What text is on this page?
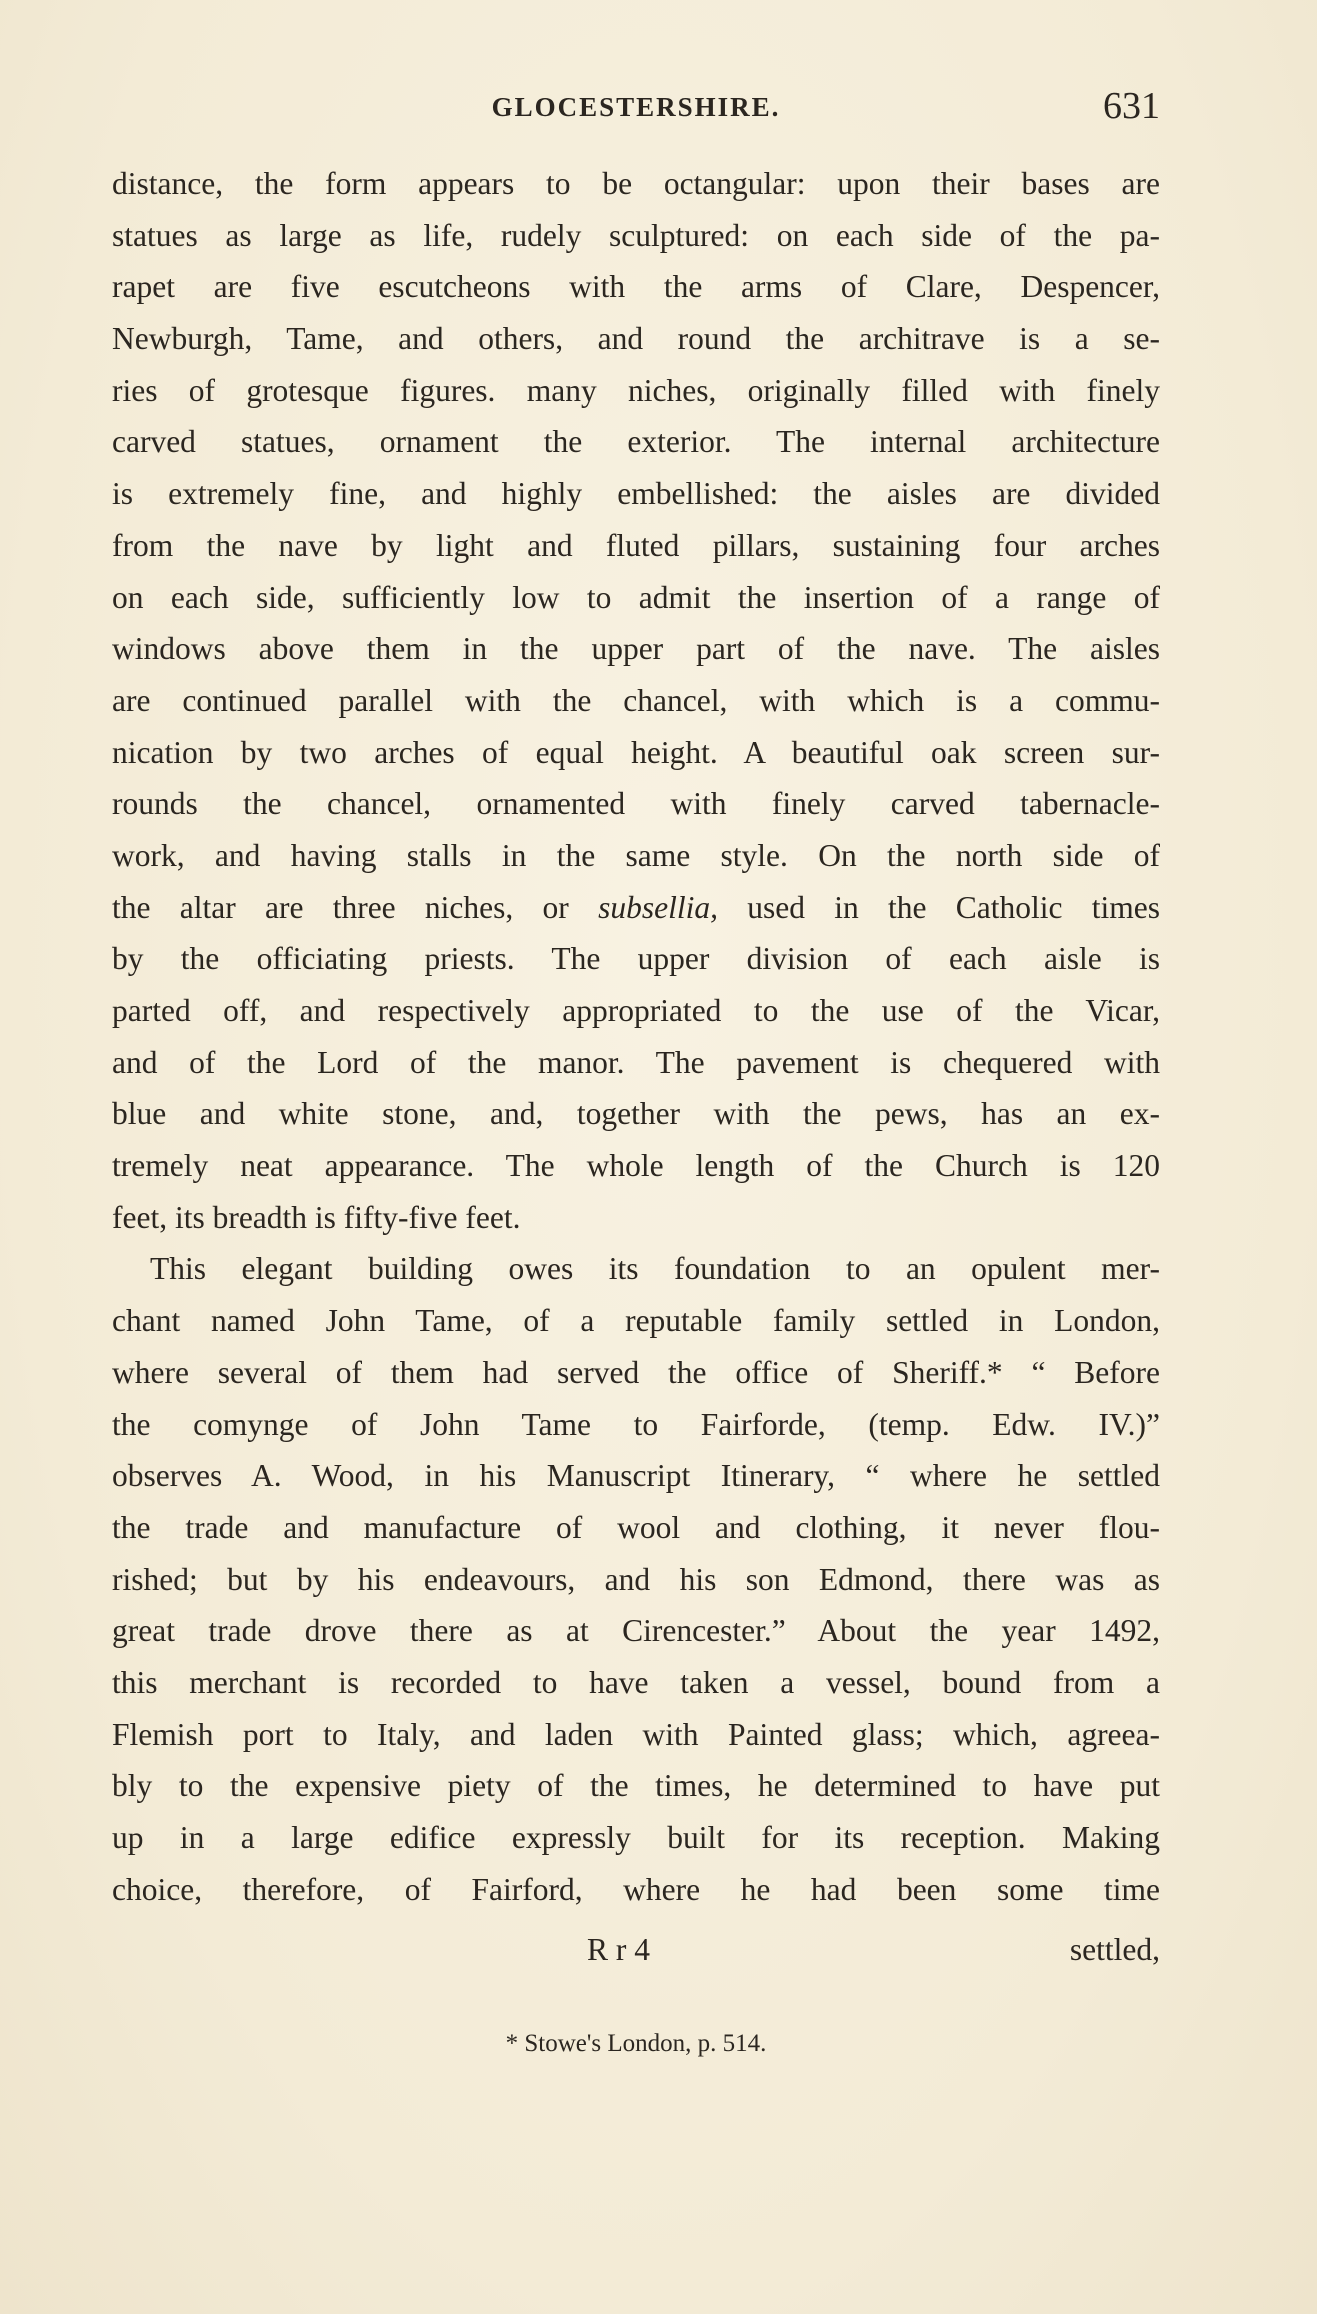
GLOCESTERSHIRE.	631
distance, the form appears to be octangular: upon their bases are
statues as large as life, rudely sculptured: on each side of the pa-
rapet are five escutcheons with the arms of Clare, Despencer,
Newburgh, Tame, and others, and round the architrave is a se-
ries of grotesque figures. many niches, originally filled with finely
carved statues, ornament the exterior. The internal architecture
is extremely fine, and highly embellished: the aisles are divided
from the nave by light and fluted pillars, sustaining four arches
on each side, sufficiently low to admit the insertion of a range of
windows above them in the upper part of the nave. The aisles
are continued parallel with the chancel, with which is a commu-
nication by two arches of equal height. A beautiful oak screen sur-
rounds the chancel, ornamented with finely carved tabernacle-
work, and having stalls in the same style. On the north side of
the altar are three niches, or subsellia, used in the Catholic times
by the officiating priests. The upper division of each aisle is
parted off, and respectively appropriated to the use of the Vicar,
and of the Lord of the manor. The pavement is chequered with
blue and white stone, and, together with the pews, has an ex-
tremely neat appearance. The whole length of the Church is 120
feet, its breadth is fifty-five feet.
This elegant building owes its foundation to an opulent mer-
chant named John Tame, of a reputable family settled in London,
where several of them had served the office of Sheriff.* “ Before
the comynge of John Tame to Fairforde, (temp. Edw. IV.)”
observes A. Wood, in his Manuscript Itinerary, “ where he settled
the trade and manufacture of wool and clothing, it never flou-
rished; but by his endeavours, and his son Edmond, there was as
great trade drove there as at Cirencester.” About the year 1492,
this merchant is recorded to have taken a vessel, bound from a
Flemish port to Italy, and laden with Painted glass; which, agreea-
bly to the expensive piety of the times, he determined to have put
up in a large edifice expressly built for its reception. Making
choice, therefore, of Fairford, where he had been some time
R r 4	settled,
* Stowe's London, p. 514.
